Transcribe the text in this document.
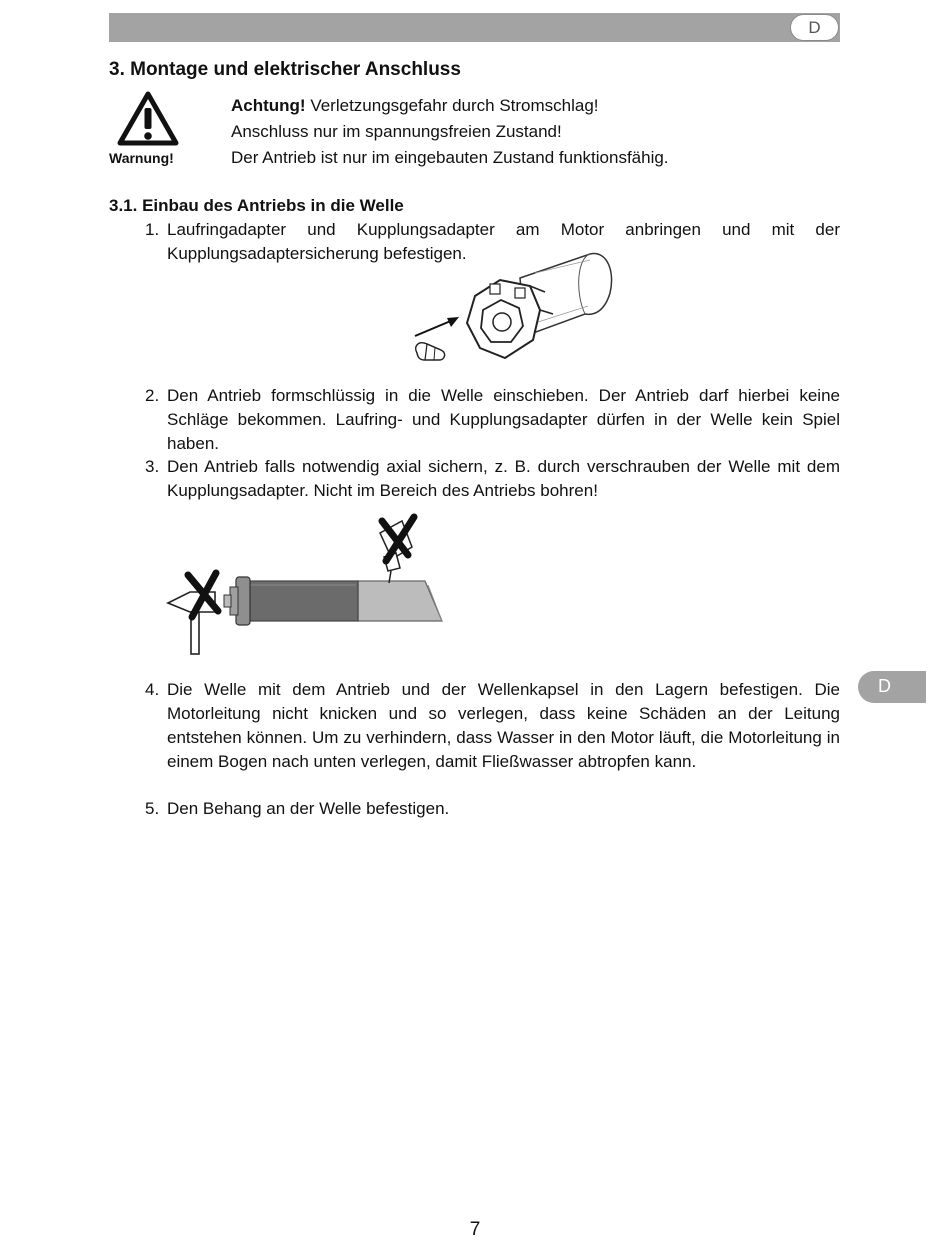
D
D
3. Montage und elektrischer Anschluss
Warnung!
Achtung! Verletzungsgefahr durch Stromschlag!
Anschluss nur im spannungsfreien Zustand!
Der Antrieb ist nur im eingebauten Zustand funktionsfähig.
3.1. Einbau des Antriebs in die Welle
1. Laufringadapter und Kupplungsadapter am Motor anbringen und mit der Kupplungsadaptersicherung befestigen.
2. Den Antrieb formschlüssig in die Welle einschieben. Der Antrieb darf hierbei keine Schläge bekommen. Laufring- und Kupplungsadapter dürfen in der Welle kein Spiel haben.
3. Den Antrieb falls notwendig axial sichern, z. B. durch verschrauben der Welle mit dem Kupplungsadapter. Nicht im Bereich des Antriebs bohren!
4. Die Welle mit dem Antrieb und der Wellenkapsel in den Lagern befestigen. Die Motorleitung nicht knicken und so verlegen, dass keine Schäden an der Leitung entstehen können. Um zu verhindern, dass Wasser in den Motor läuft, die Motorleitung in einem Bogen nach unten verlegen, damit Fließwasser abtropfen kann.
5. Den Behang an der Welle befestigen.
7
